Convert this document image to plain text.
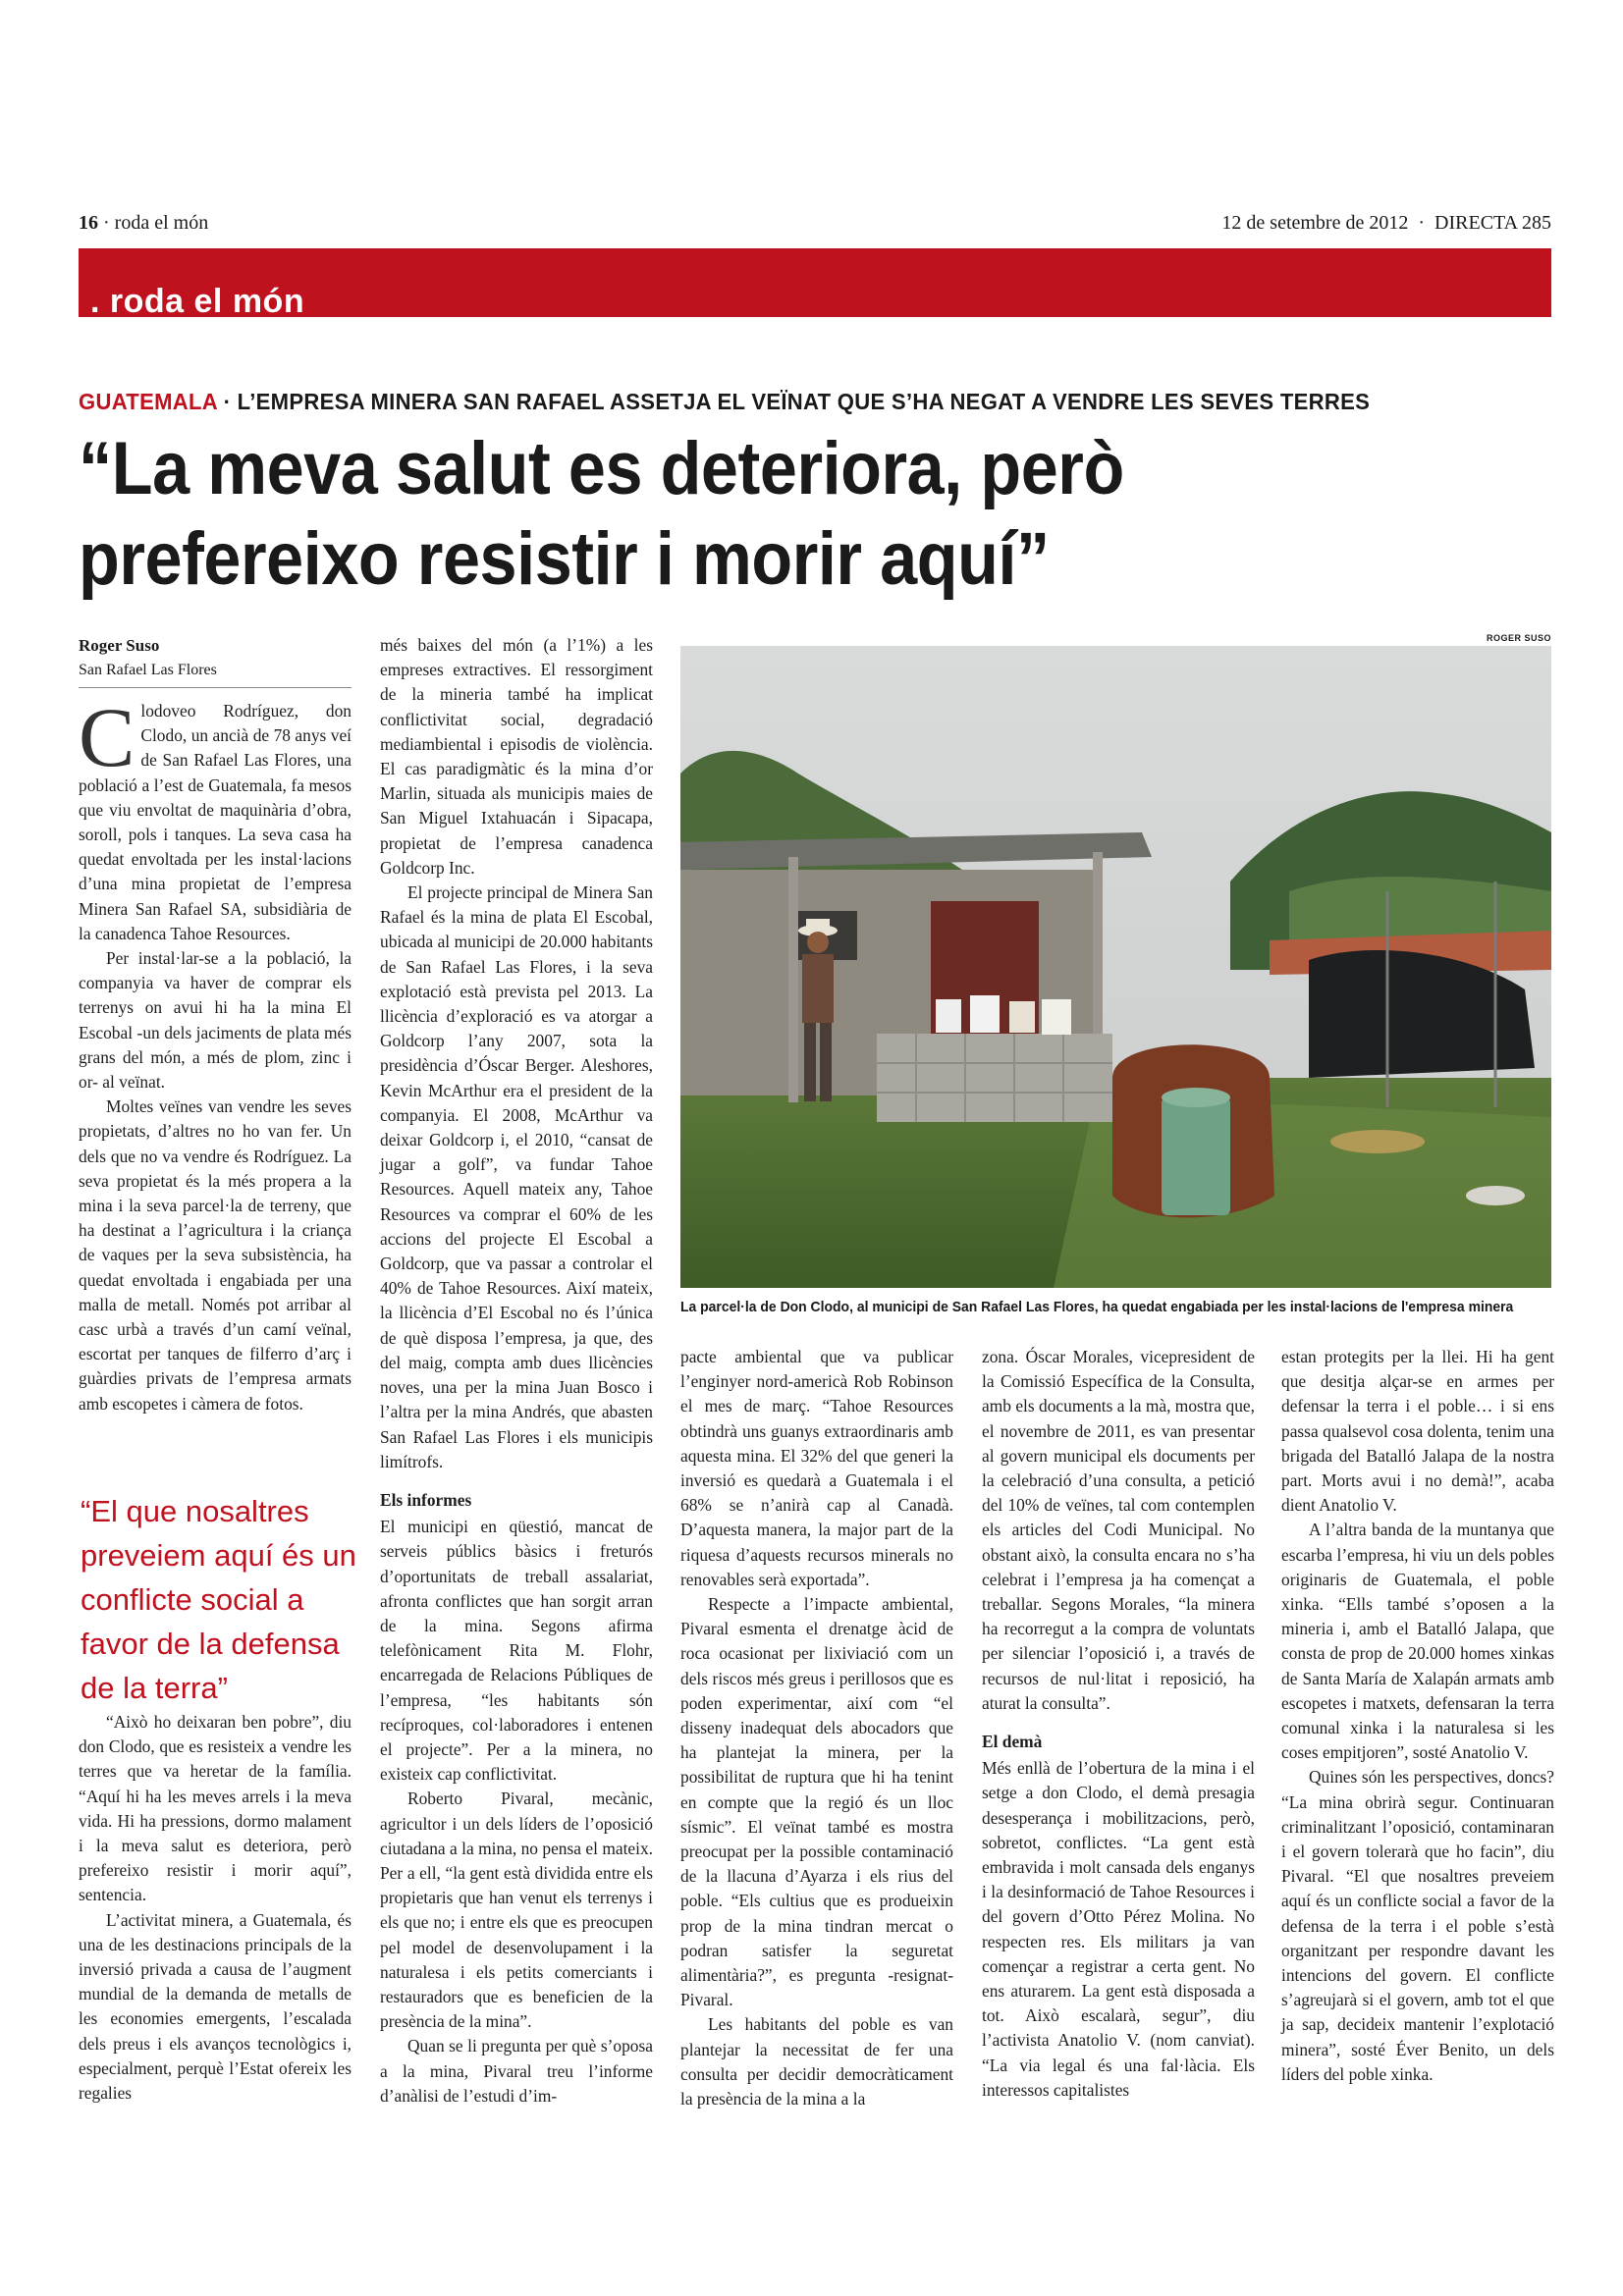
16 · roda el món	12 de setembre de 2012 · DIRECTA 285
. roda el món
GUATEMALA · L’EMPRESA MINERA SAN RAFAEL ASSETJA EL VEÏNAT QUE S’HA NEGAT A VENDRE LES SEVES TERRES
“La meva salut es deteriora, però
prefereixo resistir i morir aquí”
Roger Suso
San Rafael Las Flores

Clodoveo Rodríguez, don Clodo, un ancià de 78 anys veí de San Rafael Las Flores, una població a l’est de Guatemala, fa mesos que viu envoltat de maquinària d’obra, soroll, pols i tanques. La seva casa ha quedat envoltada per les instal·lacions d’una mina propietat de l’empresa Minera San Rafael SA, subsidiària de la canadenca Tahoe Resources.

Per instal·lar-se a la població, la companyia va haver de comprar els terrenys on avui hi ha la mina El Escobal -un dels jaciments de plata més grans del món, a més de plom, zinc i or- al veïnat.

Moltes veïnes van vendre les seves propietats, d’altres no ho van fer. Un dels que no va vendre és Rodríguez. La seva propietat és la més propera a la mina i la seva parcel·la de terreny, que ha destinat a l’agricultura i la criança de vaques per la seva subsistència, ha quedat envoltada i engabiada per una malla de metall. Només pot arribar al casc urbà a través d’un camí veïnal, escortat per tanques de filferro d’arç i guàrdies privats de l’empresa armats amb escopetes i càmera de fotos.

“El que nosaltres preveiem aquí és un conflicte social a favor de la defensa de la terra”

“Això ho deixaran ben pobre”, diu don Clodo, que es resisteix a vendre les terres que va heretar de la família. “Aquí hi ha les meves arrels i la meva vida. Hi ha pressions, dormo malament i la meva salut es deteriora, però prefereixo resistir i morir aquí”, sentencia.

L’activitat minera, a Guatemala, és una de les destinacions principals de la inversió privada a causa de l’augment mundial de la demanda de metalls de les economies emergents, l’escalada dels preus i els avanços tecnològics i, especialment, perquè l’Estat ofereix les regalies

més baixes del món (a l’1%) a les empreses extractives. El ressorgiment de la mineria també ha implicat conflictivitat social, degradació mediambiental i episodis de violència. El cas paradigmàtic és la mina d’or Marlin, situada als municipis maies de San Miguel Ixtahuacán i Sipacapa, propietat de l’empresa canadenca Goldcorp Inc.

El projecte principal de Minera San Rafael és la mina de plata El Escobal, ubicada al municipi de 20.000 habitants de San Rafael Las Flores, i la seva explotació està prevista pel 2013. La llicència d’exploració es va atorgar a Goldcorp l’any 2007, sota la presidència d’Óscar Berger. Aleshores, Kevin McArthur era el president de la companyia. El 2008, McArthur va deixar Goldcorp i, el 2010, “cansat de jugar a golf”, va fundar Tahoe Resources. Aquell mateix any, Tahoe Resources va comprar el 60% de les accions del projecte El Escobal a Goldcorp, que va passar a controlar el 40% de Tahoe Resources. Així mateix, la llicència d’El Escobal no és l’única de què disposa l’empresa, ja que, des del maig, compta amb dues llicències noves, una per la mina Juan Bosco i l’altra per la mina Andrés, que abasten San Rafael Las Flores i els municipis limítrofs.

Els informes

El municipi en qüestió, mancat de serveis públics bàsics i freturós d’oportunitats de treball assalariat, afronta conflictes que han sorgit arran de la mina. Segons afirma telefònicament Rita M. Flohr, encarregada de Relacions Públiques de l’empresa, “les habitants són recíproques, col·laboradores i entenen el projecte”. Per a la minera, no existeix cap conflictivitat.

Roberto Pivaral, mecànic, agricultor i un dels líders de l’oposició ciutadana a la mina, no pensa el mateix. Per a ell, “la gent està dividida entre els propietaris que han venut els terrenys i els que no; i entre els que es preocupen pel model de desenvolupament i la naturalesa i els petits comerciants i restauradors que es beneficien de la presència de la mina”.

Quan se li pregunta per què s’oposa a la mina, Pivaral treu l’informe d’anàlisi de l’estudi d’im-

ROGER SUSO
La parcel·la de Don Clodo, al municipi de San Rafael Las Flores, ha quedat engabiada per les instal·lacions de l'empresa minera

pacte ambiental que va publicar l’enginyer nord-americà Rob Robinson el mes de març. “Tahoe Resources obtindrà uns guanys extraordinaris amb aquesta mina. El 32% del que generi la inversió es quedarà a Guatemala i el 68% se n’anirà cap al Canadà. D’aquesta manera, la major part de la riquesa d’aquests recursos minerals no renovables serà exportada”.

Respecte a l’impacte ambiental, Pivaral esmenta el drenatge àcid de roca ocasionat per lixiviació com un dels riscos més greus i perillosos que es poden experimentar, així com “el disseny inadequat dels abocadors que ha plantejat la minera, per la possibilitat de ruptura que hi ha tenint en compte que la regió és un lloc sísmic”. El veïnat també es mostra preocupat per la possible contaminació de la llacuna d’Ayarza i els rius del poble. “Els cultius que es produeixin prop de la mina tindran mercat o podran satisfer la seguretat alimentària?”, es pregunta -resignat- Pivaral.

Les habitants del poble es van plantejar la necessitat de fer una consulta per decidir democràticament la presència de la mina a la

zona. Óscar Morales, vicepresident de la Comissió Específica de la Consulta, amb els documents a la mà, mostra que, el novembre de 2011, es van presentar al govern municipal els documents per la celebració d’una consulta, a petició del 10% de veïnes, tal com contemplen els articles del Codi Municipal. No obstant això, la consulta encara no s’ha celebrat i l’empresa ja ha començat a treballar. Segons Morales, “la minera ha recorregut a la compra de voluntats per silenciar l’oposició i, a través de recursos de nul·litat i reposició, ha aturat la consulta”.

El demà

Més enllà de l’obertura de la mina i el setge a don Clodo, el demà presagia desesperança i mobilitzacions, però, sobretot, conflictes. “La gent està embravida i molt cansada dels enganys i la desinformació de Tahoe Resources i del govern d’Otto Pérez Molina. No respecten res. Els militars ja van començar a registrar a certa gent. No ens aturarem. La gent està disposada a tot. Això escalarà, segur”, diu l’activista Anatolio V. (nom canviat). “La via legal és una fal·làcia. Els interessos capitalistes

estan protegits per la llei. Hi ha gent que desitja alçar-se en armes per defensar la terra i el poble… i si ens passa qualsevol cosa dolenta, tenim una brigada del Batalló Jalapa de la nostra part. Morts avui i no demà!”, acaba dient Anatolio V.

A l’altra banda de la muntanya que escarba l’empresa, hi viu un dels pobles originaris de Guatemala, el poble xinka. “Ells també s’oposen a la mineria i, amb el Batalló Jalapa, que consta de prop de 20.000 homes xinkas de Santa María de Xalapán armats amb escopetes i matxets, defensaran la terra comunal xinka i la naturalesa si les coses empitjoren”, sosté Anatolio V.

Quines són les perspectives, doncs? “La mina obrirà segur. Continuaran criminalitzant l’oposició, contaminaran i el govern tolerarà que ho facin”, diu Pivaral. “El que nosaltres preveiem aquí és un conflicte social a favor de la defensa de la terra i el poble s’està organitzant per respondre davant les intencions del govern. El conflicte s’agreujarà si el govern, amb tot el que ja sap, decideix mantenir l’explotació minera”, sosté Éver Benito, un dels líders del poble xinka.
